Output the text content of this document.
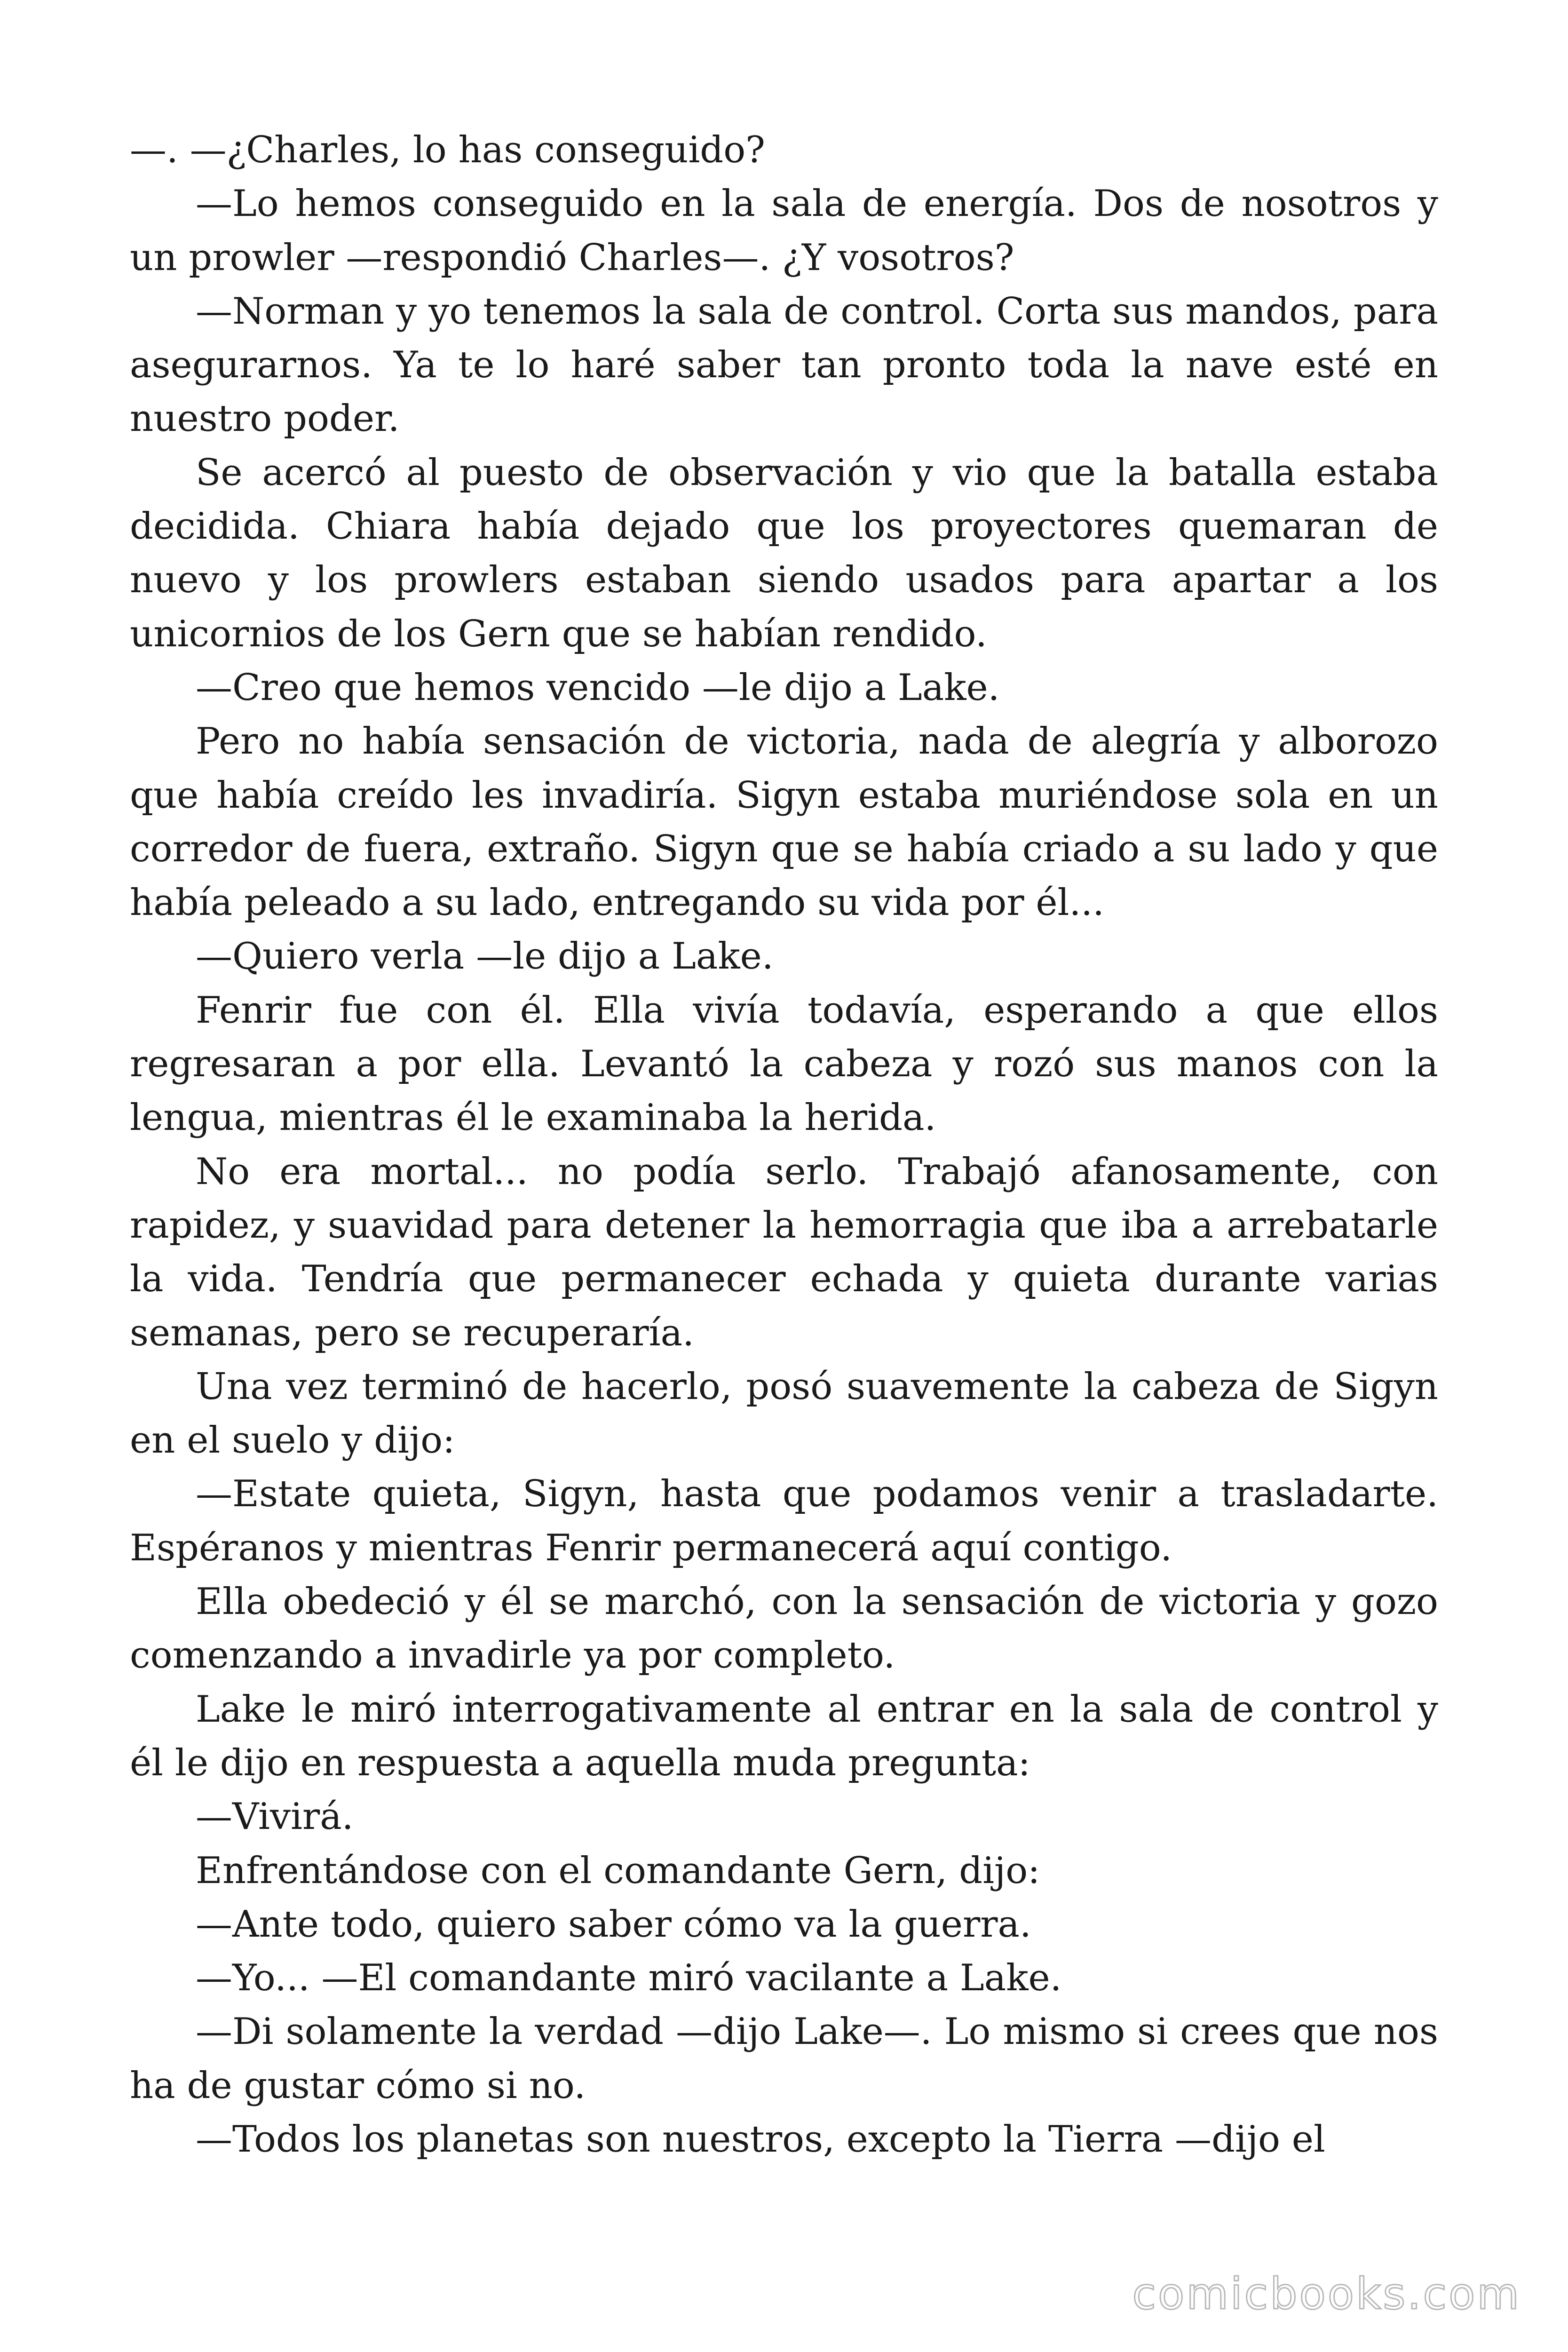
—. —¿Charles, lo has conseguido?

—Lo hemos conseguido en la sala de energía. Dos de nosotros y un prowler —respondió Charles—. ¿Y vosotros?

—Norman y yo tenemos la sala de control. Corta sus mandos, para asegurarnos. Ya te lo haré saber tan pronto toda la nave esté en nuestro poder.

Se acercó al puesto de observación y vio que la batalla estaba decidida. Chiara había dejado que los proyectores quemaran de nuevo y los prowlers estaban siendo usados para apartar a los unicornios de los Gern que se habían rendido.

—Creo que hemos vencido —le dijo a Lake.

Pero no había sensación de victoria, nada de alegría y alborozo que había creído les invadiría. Sigyn estaba muriéndose sola en un corredor de fuera, extraño. Sigyn que se había criado a su lado y que había peleado a su lado, entregando su vida por él...

—Quiero verla —le dijo a Lake.

Fenrir fue con él. Ella vivía todavía, esperando a que ellos regresaran a por ella. Levantó la cabeza y rozó sus manos con la lengua, mientras él le examinaba la herida.

No era mortal... no podía serlo. Trabajó afanosamente, con rapidez, y suavidad para detener la hemorragia que iba a arrebatarle la vida. Tendría que permanecer echada y quieta durante varias semanas, pero se recuperaría.

Una vez terminó de hacerlo, posó suavemente la cabeza de Sigyn en el suelo y dijo:

—Estate quieta, Sigyn, hasta que podamos venir a trasladarte. Espéranos y mientras Fenrir permanecerá aquí contigo.

Ella obedeció y él se marchó, con la sensación de victoria y gozo comenzando a invadirle ya por completo.

Lake le miró interrogativamente al entrar en la sala de control y él le dijo en respuesta a aquella muda pregunta:

—Vivirá.

Enfrentándose con el comandante Gern, dijo:

—Ante todo, quiero saber cómo va la guerra.

—Yo... —El comandante miró vacilante a Lake.

—Di solamente la verdad —dijo Lake—. Lo mismo si crees que nos ha de gustar cómo si no.

—Todos los planetas son nuestros, excepto la Tierra —dijo el

comicbooks.com
